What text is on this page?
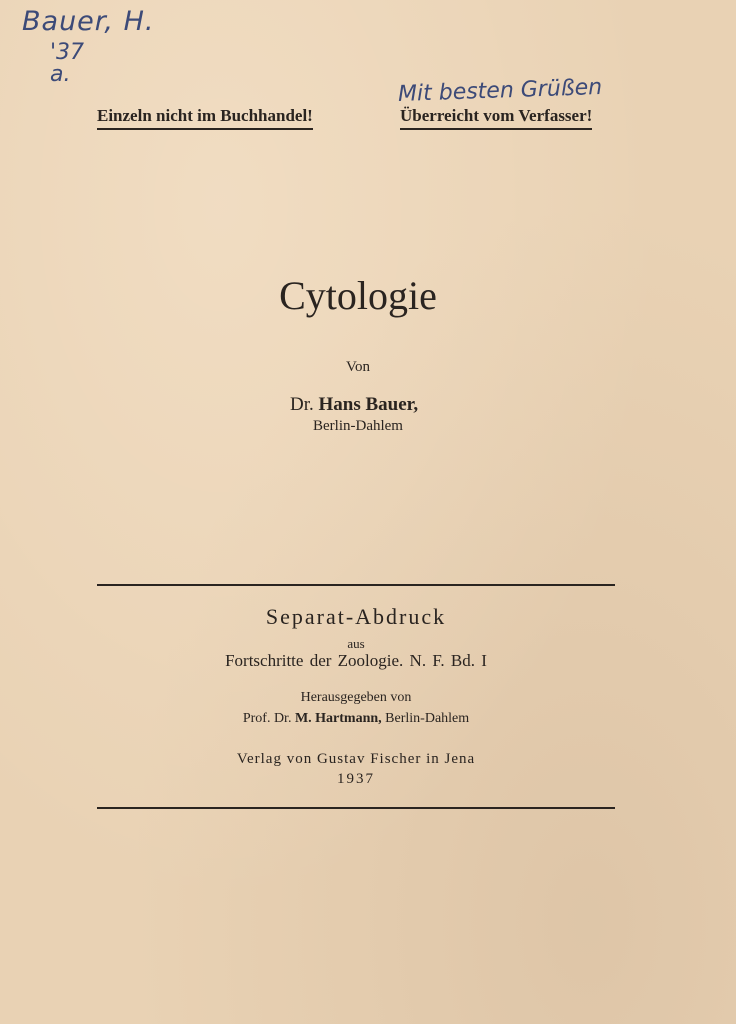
Bauer, H.
'37
a.
Mit besten Grüßen
Einzeln nicht im Buchhandel!	Überreicht vom Verfasser!
Cytologie
Von
Dr. Hans Bauer,
Berlin-Dahlem
Separat-Abdruck
aus
Fortschritte der Zoologie. N. F. Bd. I
Herausgegeben von
Prof. Dr. M. Hartmann, Berlin-Dahlem
Verlag von Gustav Fischer in Jena
1937
